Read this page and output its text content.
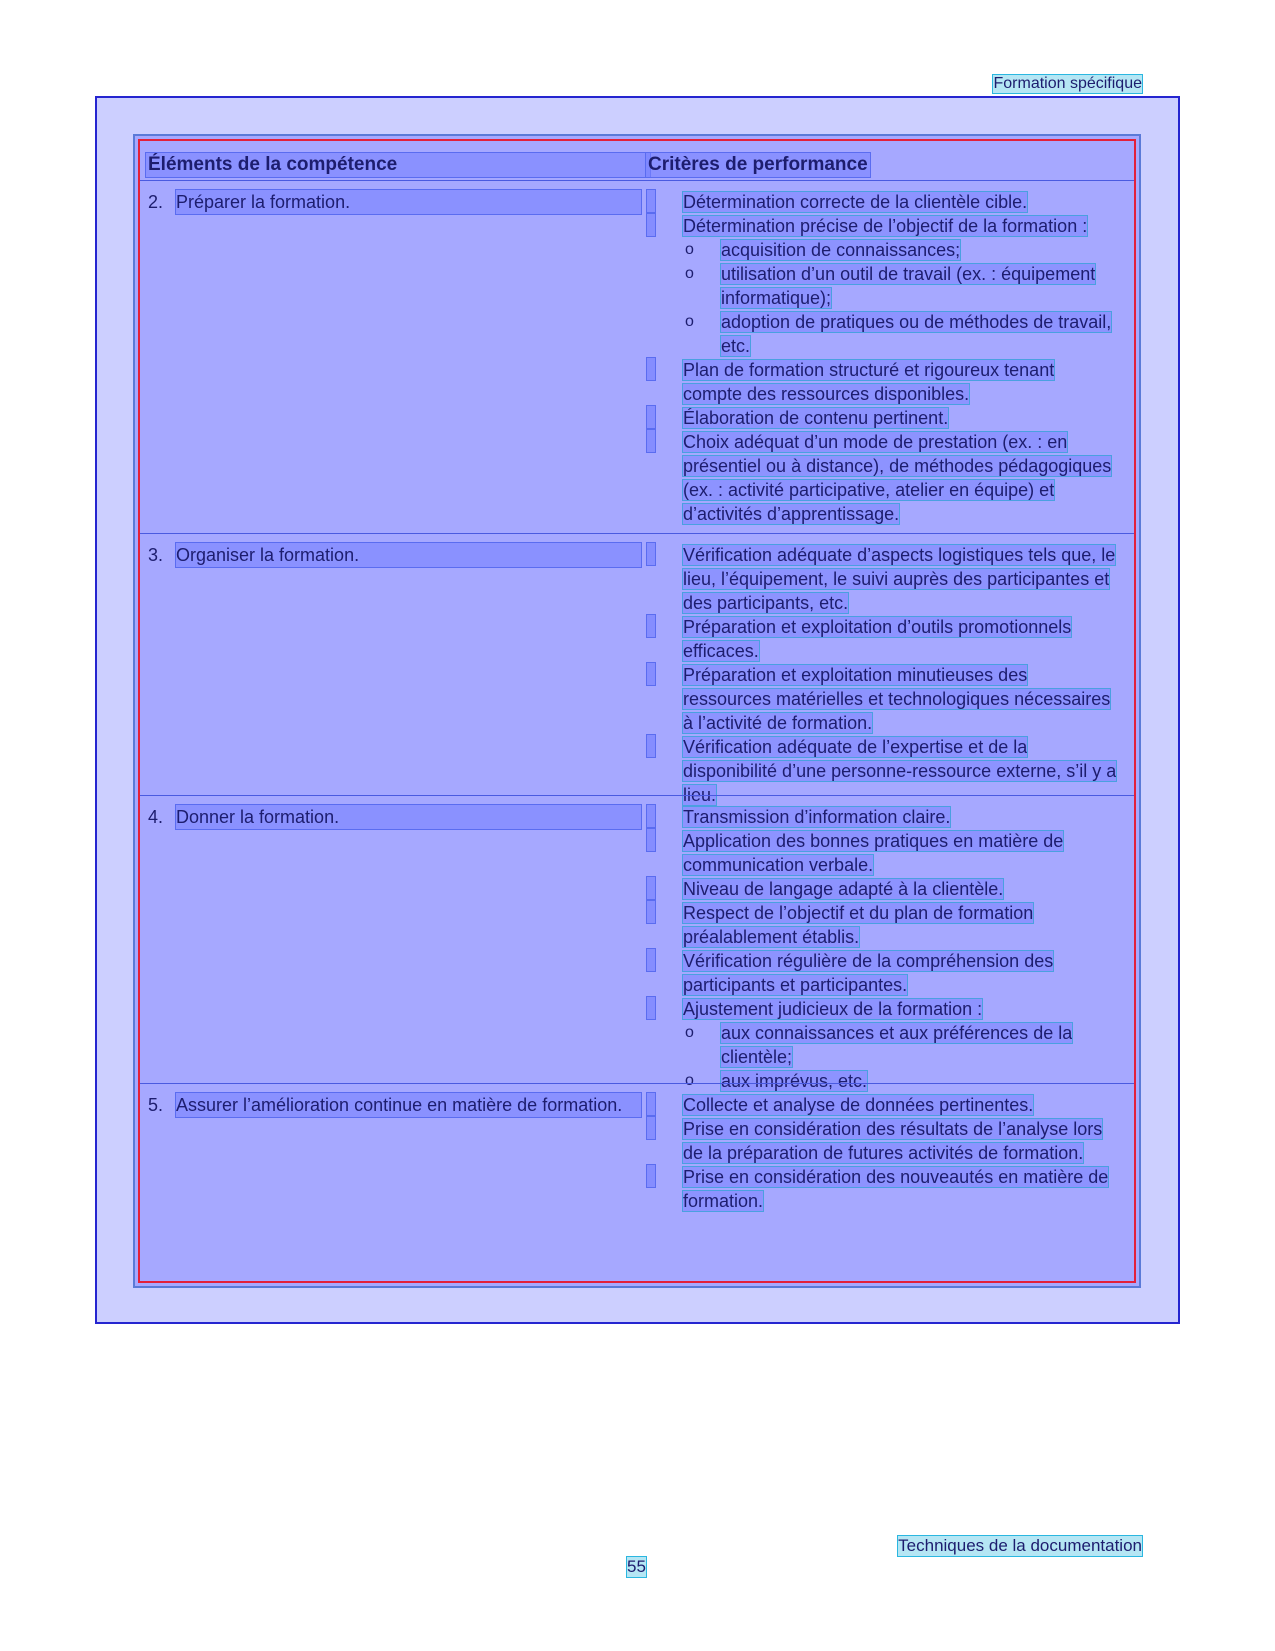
Formation spécifique
Éléments de la compétence	Critères de performance
2. Préparer la formation.	Détermination correcte de la clientèle cible.
Détermination précise de l’objectif de la formation :
o acquisition de connaissances;
o utilisation d’un outil de travail (ex. : équipement informatique);
o adoption de pratiques ou de méthodes de travail, etc.
Plan de formation structuré et rigoureux tenant compte des ressources disponibles.
Élaboration de contenu pertinent.
Choix adéquat d’un mode de prestation (ex. : en présentiel ou à distance), de méthodes pédagogiques (ex. : activité participative, atelier en équipe) et d’activités d’apprentissage.
3. Organiser la formation.	Vérification adéquate d’aspects logistiques tels que, le lieu, l’équipement, le suivi auprès des participantes et des participants, etc.
Préparation et exploitation d’outils promotionnels efficaces.
Préparation et exploitation minutieuses des ressources matérielles et technologiques nécessaires à l’activité de formation.
Vérification adéquate de l’expertise et de la disponibilité d’une personne-ressource externe, s’il y a lieu.
4. Donner la formation.	Transmission d’information claire.
Application des bonnes pratiques en matière de communication verbale.
Niveau de langage adapté à la clientèle.
Respect de l’objectif et du plan de formation préalablement établis.
Vérification régulière de la compréhension des participants et participantes.
Ajustement judicieux de la formation :
o aux connaissances et aux préférences de la clientèle;
o aux imprévus, etc.
5. Assurer l’amélioration continue en matière de formation.	Collecte et analyse de données pertinentes.
Prise en considération des résultats de l’analyse lors de la préparation de futures activités de formation.
Prise en considération des nouveautés en matière de formation.
Techniques de la documentation
55
